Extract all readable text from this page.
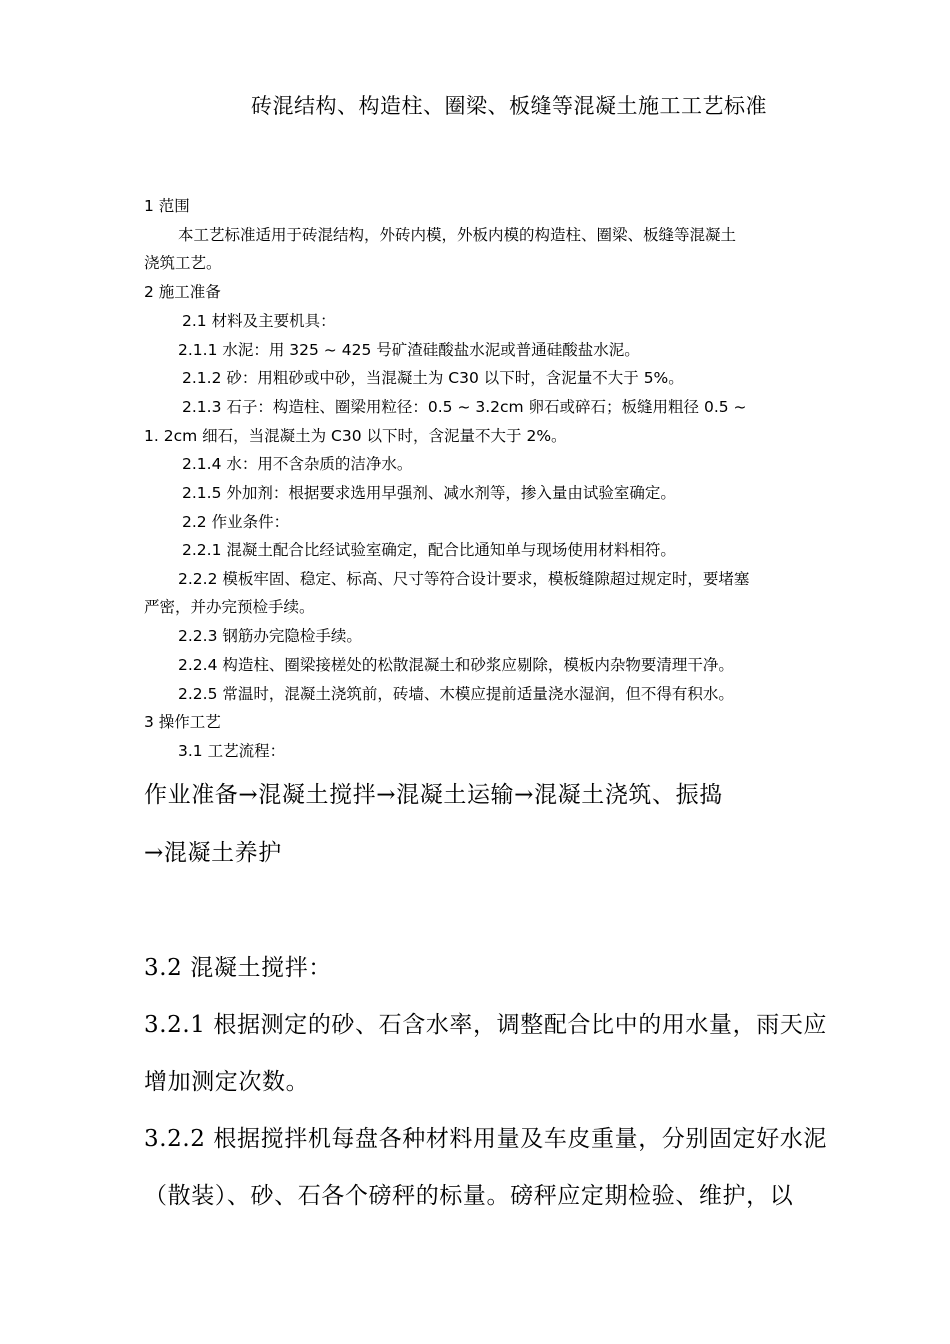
砖混结构、构造柱、圈梁、板缝等混凝土施工工艺标准
1 范围
本工艺标准适用于砖混结构，外砖内模，外板内模的构造柱、圈梁、板缝等混凝土
浇筑工艺。
2 施工准备
2.1 材料及主要机具：
2.1.1 水泥：用 325 ~ 425 号矿渣硅酸盐水泥或普通硅酸盐水泥。
2.1.2 砂：用粗砂或中砂，当混凝土为 C30 以下时，含泥量不大于 5%。
2.1.3 石子：构造柱、圈梁用粒径：0.5 ~ 3.2cm 卵石或碎石；板缝用粗径 0.5 ~
1. 2cm 细石，当混凝土为 C30 以下时，含泥量不大于 2%。
2.1.4 水：用不含杂质的洁净水。
2.1.5 外加剂：根据要求选用早强剂、减水剂等，掺入量由试验室确定。
2.2 作业条件：
2.2.1 混凝土配合比经试验室确定，配合比通知单与现场使用材料相符。
2.2.2 模板牢固、稳定、标高、尺寸等符合设计要求，模板缝隙超过规定时，要堵塞
严密，并办完预检手续。
2.2.3 钢筋办完隐检手续。
2.2.4 构造柱、圈梁接槎处的松散混凝土和砂浆应剔除，模板内杂物要清理干净。
2.2.5 常温时，混凝土浇筑前，砖墙、木模应提前适量浇水湿润，但不得有积水。
3 操作工艺
3.1 工艺流程：
作业准备→混凝土搅拌→混凝土运输→混凝土浇筑、振捣
→混凝土养护
3.2 混凝土搅拌：
3.2.1 根据测定的砂、石含水率，调整配合比中的用水量，雨天应
增加测定次数。
3.2.2 根据搅拌机每盘各种材料用量及车皮重量，分别固定好水泥
（散装）、砂、石各个磅秤的标量。磅秤应定期检验、维护，以
